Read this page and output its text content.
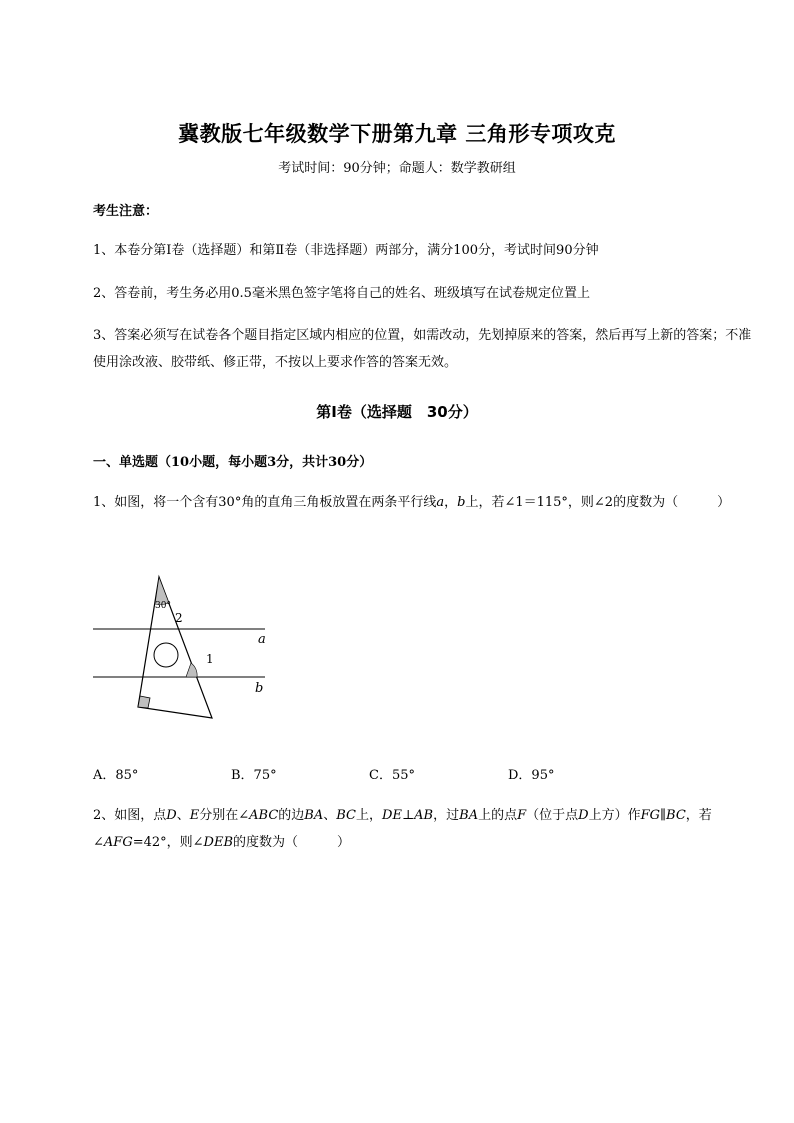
冀教版七年级数学下册第九章 三角形专项攻克
考试时间：90分钟；命题人：数学教研组
考生注意：
1、本卷分第I卷（选择题）和第Ⅱ卷（非选择题）两部分，满分100分，考试时间90分钟
2、答卷前，考生务必用0.5毫米黑色签字笔将自己的姓名、班级填写在试卷规定位置上
3、答案必须写在试卷各个题目指定区域内相应的位置，如需改动，先划掉原来的答案，然后再写上新的答案；不准使用涂改液、胶带纸、修正带，不按以上要求作答的答案无效。
第I卷（选择题　30分）
一、单选题（10小题，每小题3分，共计30分）
1、如图，将一个含有30°角的直角三角板放置在两条平行线a，b上，若∠1＝115°，则∠2的度数为（　　　）
30°
2
1
a
b
A．85°	B．75°	C．55°	D．95°
2、如图，点D、E分别在∠ABC的边BA、BC上，DE⊥AB，过BA上的点F（位于点D上方）作FG∥BC，若∠AFG=42°，则∠DEB的度数为（　　　）
